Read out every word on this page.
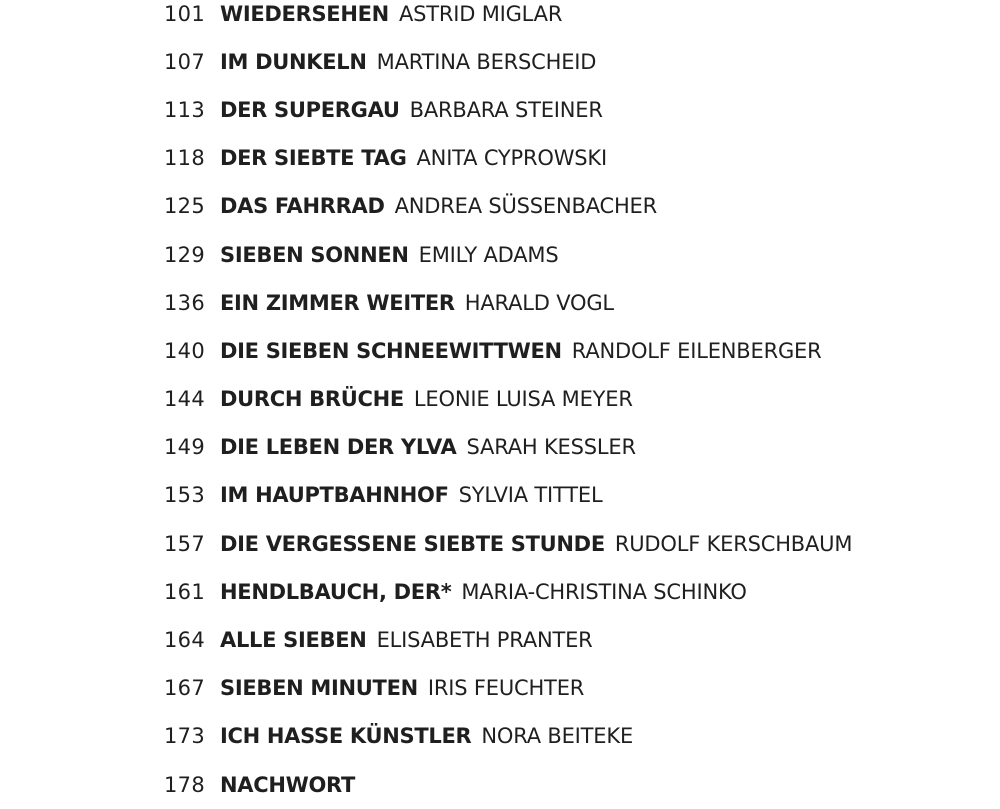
101 WIEDERSEHEN ASTRID MIGLAR
107 IM DUNKELN MARTINA BERSCHEID
113 DER SUPERGAU BARBARA STEINER
118 DER SIEBTE TAG ANITA CYPROWSKI
125 DAS FAHRRAD ANDREA SÜSSENBACHER
129 SIEBEN SONNEN EMILY ADAMS
136 EIN ZIMMER WEITER HARALD VOGL
140 DIE SIEBEN SCHNEEWITTWEN RANDOLF EILENBERGER
144 DURCH BRÜCHE LEONIE LUISA MEYER
149 DIE LEBEN DER YLVA SARAH KESSLER
153 IM HAUPTBAHNHOF SYLVIA TITTEL
157 DIE VERGESSENE SIEBTE STUNDE RUDOLF KERSCHBAUM
161 HENDLBAUCH, DER* MARIA-CHRISTINA SCHINKO
164 ALLE SIEBEN ELISABETH PRANTER
167 SIEBEN MINUTEN IRIS FEUCHTER
173 ICH HASSE KÜNSTLER NORA BEITEKE
178 NACHWORT
